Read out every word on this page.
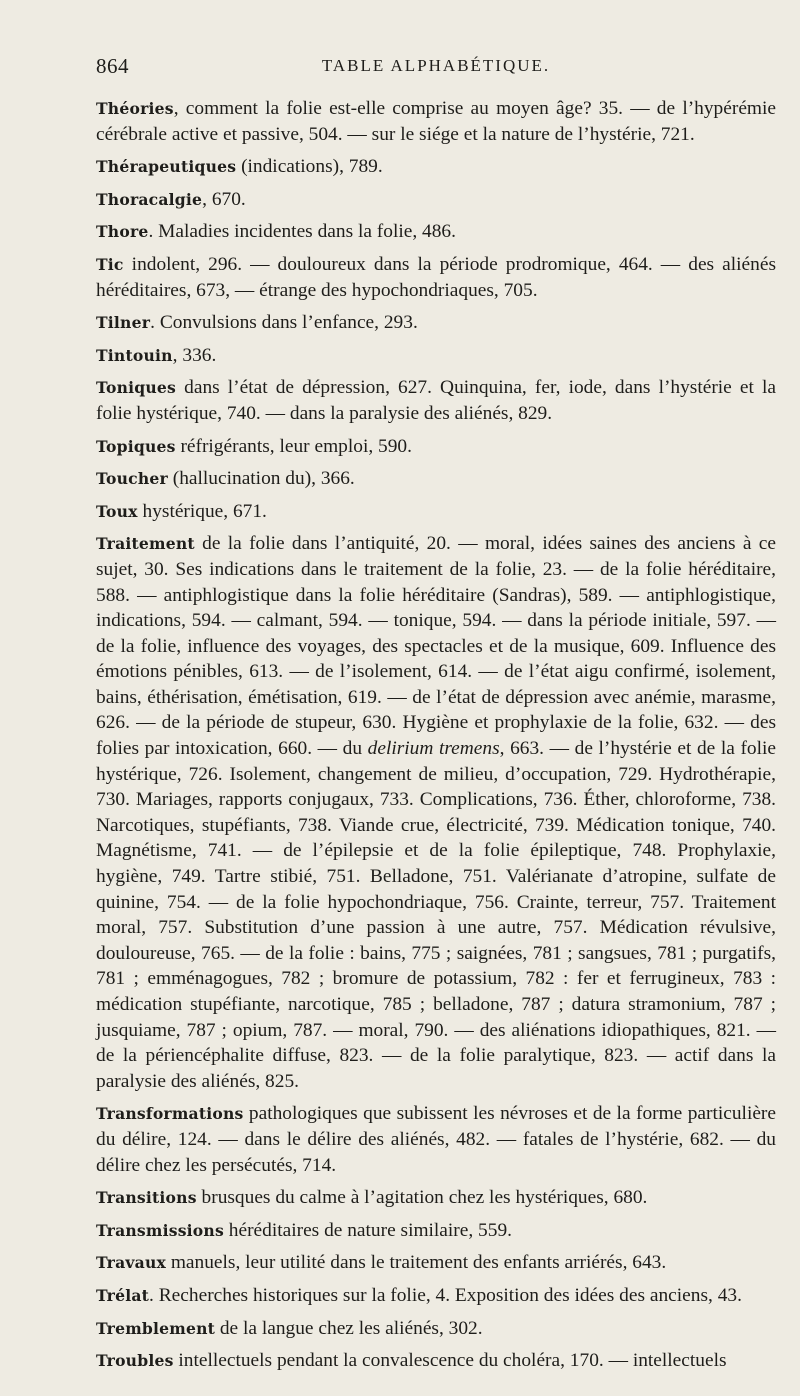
864	TABLE ALPHABÉTIQUE.

Théories, comment la folie est-elle comprise au moyen âge? 35. — de l’hypérémie cérébrale active et passive, 504. — sur le siége et la nature de l’hystérie, 721.

Thérapeutiques (indications), 789.

Thoracalgie, 670.

Thore. Maladies incidentes dans la folie, 486.

Tic indolent, 296. — douloureux dans la période prodromique, 464. — des aliénés héréditaires, 673, — étrange des hypochondriaques, 705.

Tilner. Convulsions dans l’enfance, 293.

Tintouin, 336.

Toniques dans l’état de dépression, 627. Quinquina, fer, iode, dans l’hystérie et la folie hystérique, 740. — dans la paralysie des aliénés, 829.

Topiques réfrigérants, leur emploi, 590.

Toucher (hallucination du), 366.

Toux hystérique, 671.

Traitement de la folie dans l’antiquité, 20. — moral, idées saines des anciens à ce sujet, 30. Ses indications dans le traitement de la folie, 23. — de la folie héréditaire, 588. — antiphlogistique dans la folie héréditaire (Sandras), 589. — antiphlogistique, indications, 594. — calmant, 594. — tonique, 594. — dans la période initiale, 597. — de la folie, influence des voyages, des spectacles et de la musique, 609. Influence des émotions pénibles, 613. — de l’isolement, 614. — de l’état aigu confirmé, isolement, bains, éthérisation, émétisation, 619. — de l’état de dépression avec anémie, marasme, 626. — de la période de stupeur, 630. Hygiène et prophylaxie de la folie, 632. — des folies par intoxication, 660. — du delirium tremens, 663. — de l’hystérie et de la folie hystérique, 726. Isolement, changement de milieu, d’occupation, 729. Hydrothérapie, 730. Mariages, rapports conjugaux, 733. Complications, 736. Éther, chloroforme, 738. Narcotiques, stupéfiants, 738. Viande crue, électricité, 739. Médication tonique, 740. Magnétisme, 741. — de l’épilepsie et de la folie épileptique, 748. Prophylaxie, hygiène, 749. Tartre stibié, 751. Belladone, 751. Valérianate d’atropine, sulfate de quinine, 754. — de la folie hypochondriaque, 756. Crainte, terreur, 757. Traitement moral, 757. Substitution d’une passion à une autre, 757. Médication révulsive, douloureuse, 765. — de la folie : bains, 775 ; saignées, 781 ; sangsues, 781 ; purgatifs, 781 ; emménagogues, 782 ; bromure de potassium, 782 : fer et ferrugineux, 783 : médication stupéfiante, narcotique, 785 ; belladone, 787 ; datura stramonium, 787 ; jusquiame, 787 ; opium, 787. — moral, 790. — des aliénations idiopathiques, 821. — de la périencéphalite diffuse, 823. — de la folie paralytique, 823. — actif dans la paralysie des aliénés, 825.

Transformations pathologiques que subissent les névroses et de la forme particulière du délire, 124. — dans le délire des aliénés, 482. — fatales de l’hystérie, 682. — du délire chez les persécutés, 714.

Transitions brusques du calme à l’agitation chez les hystériques, 680.

Transmissions héréditaires de nature similaire, 559.

Travaux manuels, leur utilité dans le traitement des enfants arriérés, 643.

Trélat. Recherches historiques sur la folie, 4. Exposition des idées des anciens, 43.

Tremblement de la langue chez les aliénés, 302.

Troubles intellectuels pendant la convalescence du choléra, 170. — intellectuels
